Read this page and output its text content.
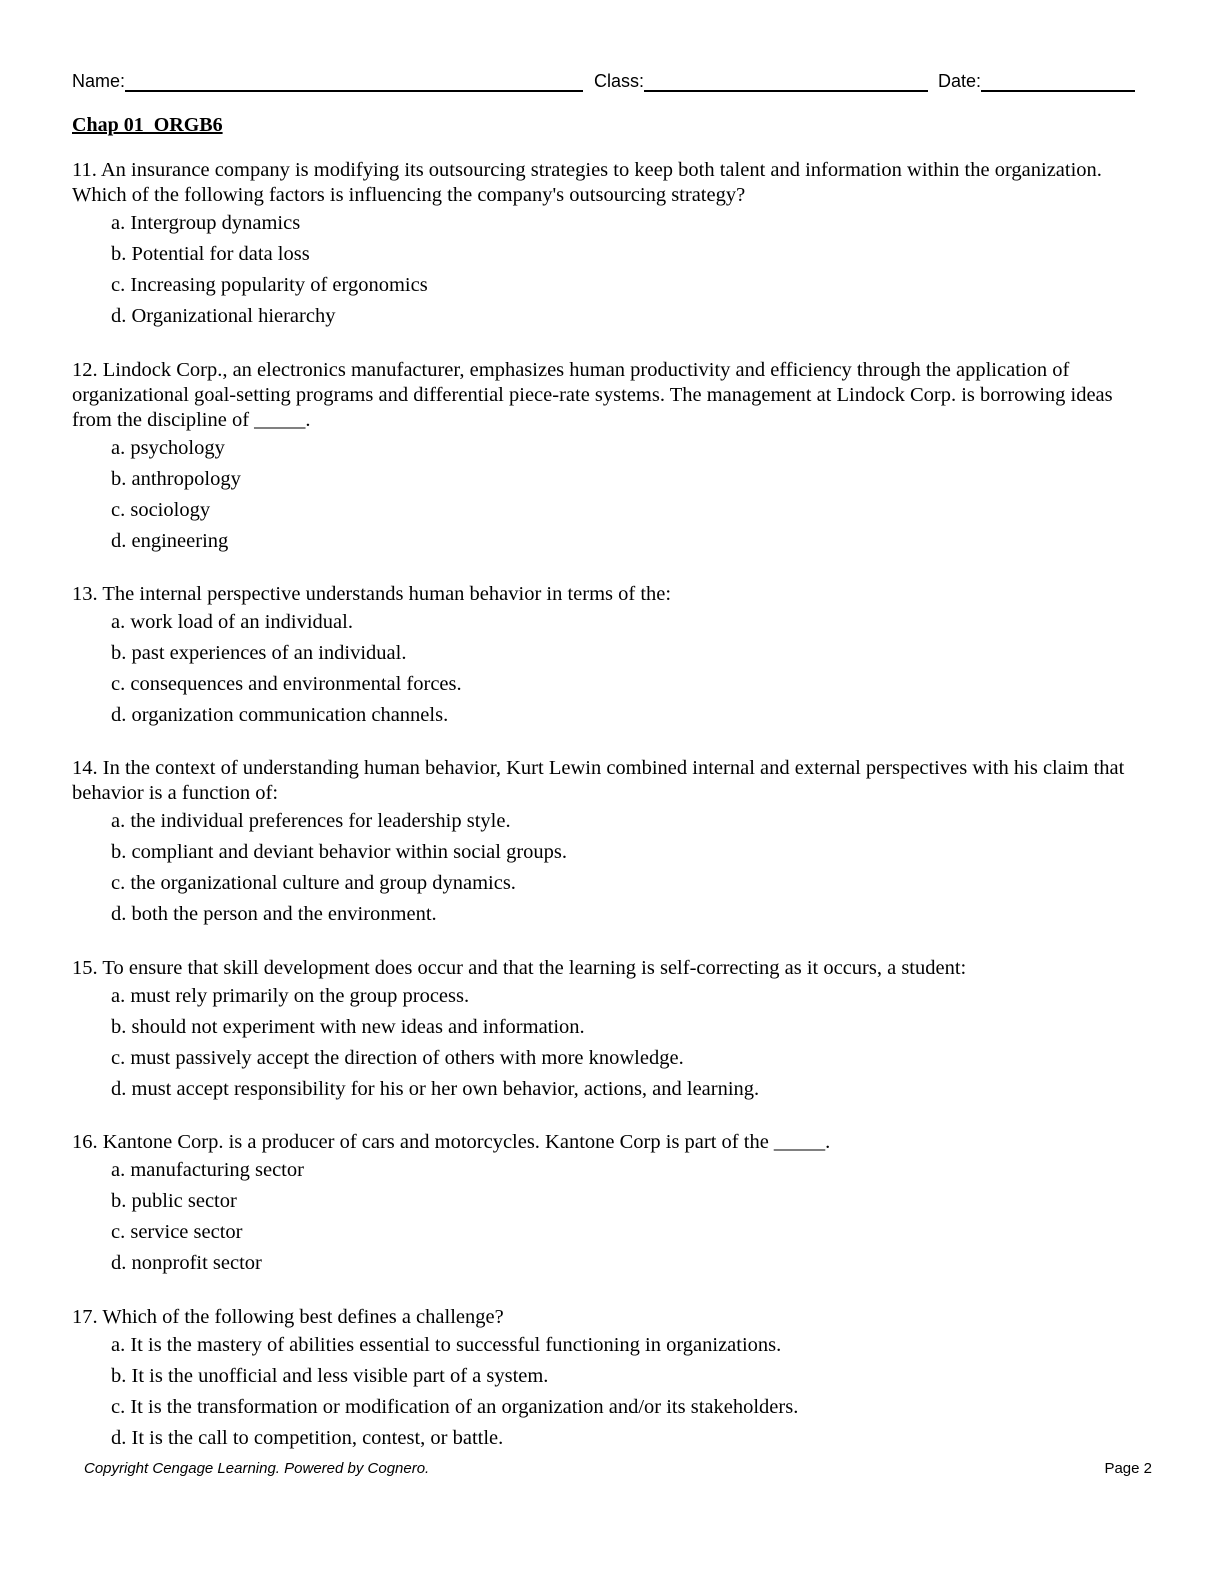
Name:	Class:	Date:
Chap 01_ORGB6
11. An insurance company is modifying its outsourcing strategies to keep both talent and information within the organization. Which of the following factors is influencing the company's outsourcing strategy?
a. Intergroup dynamics
b. Potential for data loss
c. Increasing popularity of ergonomics
d. Organizational hierarchy
12. Lindock Corp., an electronics manufacturer, emphasizes human productivity and efficiency through the application of organizational goal-setting programs and differential piece-rate systems. The management at Lindock Corp. is borrowing ideas from the discipline of _____.
a. psychology
b. anthropology
c. sociology
d. engineering
13. The internal perspective understands human behavior in terms of the:
a. work load of an individual.
b. past experiences of an individual.
c. consequences and environmental forces.
d. organization communication channels.
14. In the context of understanding human behavior, Kurt Lewin combined internal and external perspectives with his claim that behavior is a function of:
a. the individual preferences for leadership style.
b. compliant and deviant behavior within social groups.
c. the organizational culture and group dynamics.
d. both the person and the environment.
15. To ensure that skill development does occur and that the learning is self-correcting as it occurs, a student:
a. must rely primarily on the group process.
b. should not experiment with new ideas and information.
c. must passively accept the direction of others with more knowledge.
d. must accept responsibility for his or her own behavior, actions, and learning.
16. Kantone Corp. is a producer of cars and motorcycles. Kantone Corp is part of the _____.
a. manufacturing sector
b. public sector
c. service sector
d. nonprofit sector
17. Which of the following best defines a challenge?
a. It is the mastery of abilities essential to successful functioning in organizations.
b. It is the unofficial and less visible part of a system.
c. It is the transformation or modification of an organization and/or its stakeholders.
d. It is the call to competition, contest, or battle.
Copyright Cengage Learning. Powered by Cognero.	Page 2
